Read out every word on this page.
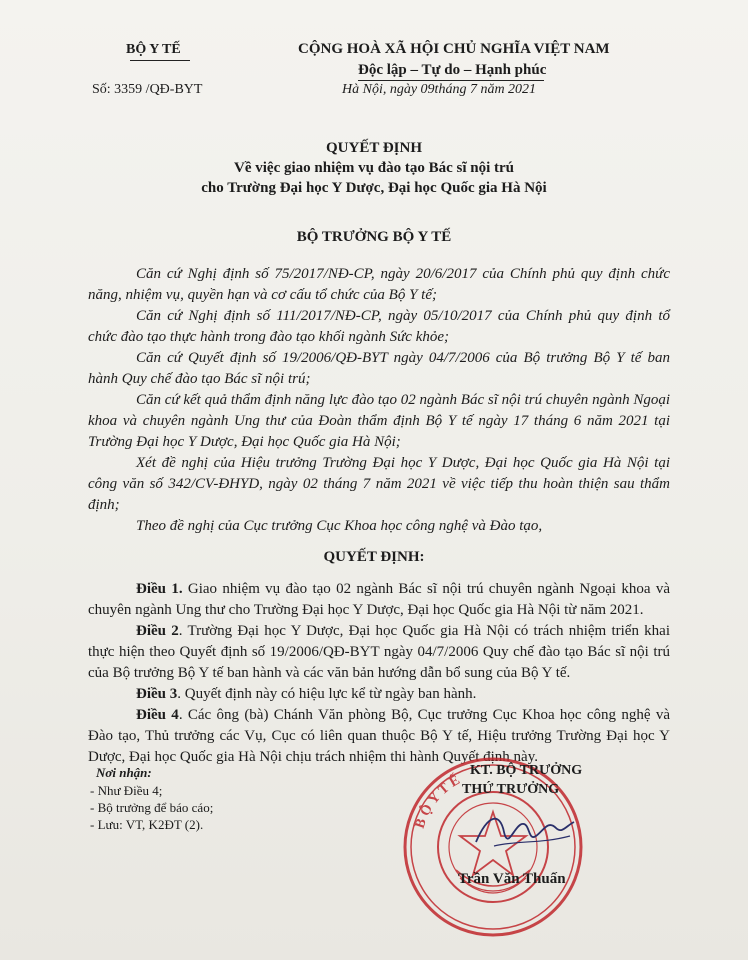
BỘ Y TẾ
Số: 3359 /QĐ-BYT
CỘNG HOÀ XÃ HỘI CHỦ NGHĨA VIỆT NAM
Độc lập – Tự do – Hạnh phúc
Hà Nội, ngày 09tháng 7 năm 2021
QUYẾT ĐỊNH
Về việc giao nhiệm vụ đào tạo Bác sĩ nội trú
cho Trường Đại học Y Dược, Đại học Quốc gia Hà Nội
BỘ TRƯỞNG BỘ Y TẾ
Căn cứ Nghị định số 75/2017/NĐ-CP, ngày 20/6/2017 của Chính phủ quy định chức năng, nhiệm vụ, quyền hạn và cơ cấu tổ chức của Bộ Y tế;
Căn cứ Nghị định số 111/2017/NĐ-CP, ngày 05/10/2017 của Chính phủ quy định tổ chức đào tạo thực hành trong đào tạo khối ngành Sức khỏe;
Căn cứ Quyết định số 19/2006/QĐ-BYT ngày 04/7/2006 của Bộ trưởng Bộ Y tế ban hành Quy chế đào tạo Bác sĩ nội trú;
Căn cứ kết quả thẩm định năng lực đào tạo 02 ngành Bác sĩ nội trú chuyên ngành Ngoại khoa và chuyên ngành Ung thư của Đoàn thẩm định Bộ Y tế ngày 17 tháng 6 năm 2021 tại Trường Đại học Y Dược, Đại học Quốc gia Hà Nội;
Xét đề nghị của Hiệu trưởng Trường Đại học Y Dược, Đại học Quốc gia Hà Nội tại công văn số 342/CV-ĐHYD, ngày 02 tháng 7 năm 2021 về việc tiếp thu hoàn thiện sau thẩm định;
Theo đề nghị của Cục trưởng Cục Khoa học công nghệ và Đào tạo,
QUYẾT ĐỊNH:
Điều 1. Giao nhiệm vụ đào tạo 02 ngành Bác sĩ nội trú chuyên ngành Ngoại khoa và chuyên ngành Ung thư cho Trường Đại học Y Dược, Đại học Quốc gia Hà Nội từ năm 2021.
Điều 2. Trường Đại học Y Dược, Đại học Quốc gia Hà Nội có trách nhiệm triển khai thực hiện theo Quyết định số 19/2006/QĐ-BYT ngày 04/7/2006 Quy chế đào tạo Bác sĩ nội trú của Bộ trưởng Bộ Y tế ban hành và các văn bản hướng dẫn bổ sung của Bộ Y tế.
Điều 3. Quyết định này có hiệu lực kể từ ngày ban hành.
Điều 4. Các ông (bà) Chánh Văn phòng Bộ, Cục trưởng Cục Khoa học công nghệ và Đào tạo, Thủ trưởng các Vụ, Cục có liên quan thuộc Bộ Y tế, Hiệu trưởng Trường Đại học Y Dược, Đại học Quốc gia Hà Nội chịu trách nhiệm thi hành Quyết định này.
Nơi nhận:
- Như Điều 4;
- Bộ trưởng để báo cáo;
- Lưu: VT, K2ĐT (2).	B Ộ Y T Ế
KT. BỘ TRƯỞNG
THỨ TRƯỞNG
Trần Văn Thuấn
